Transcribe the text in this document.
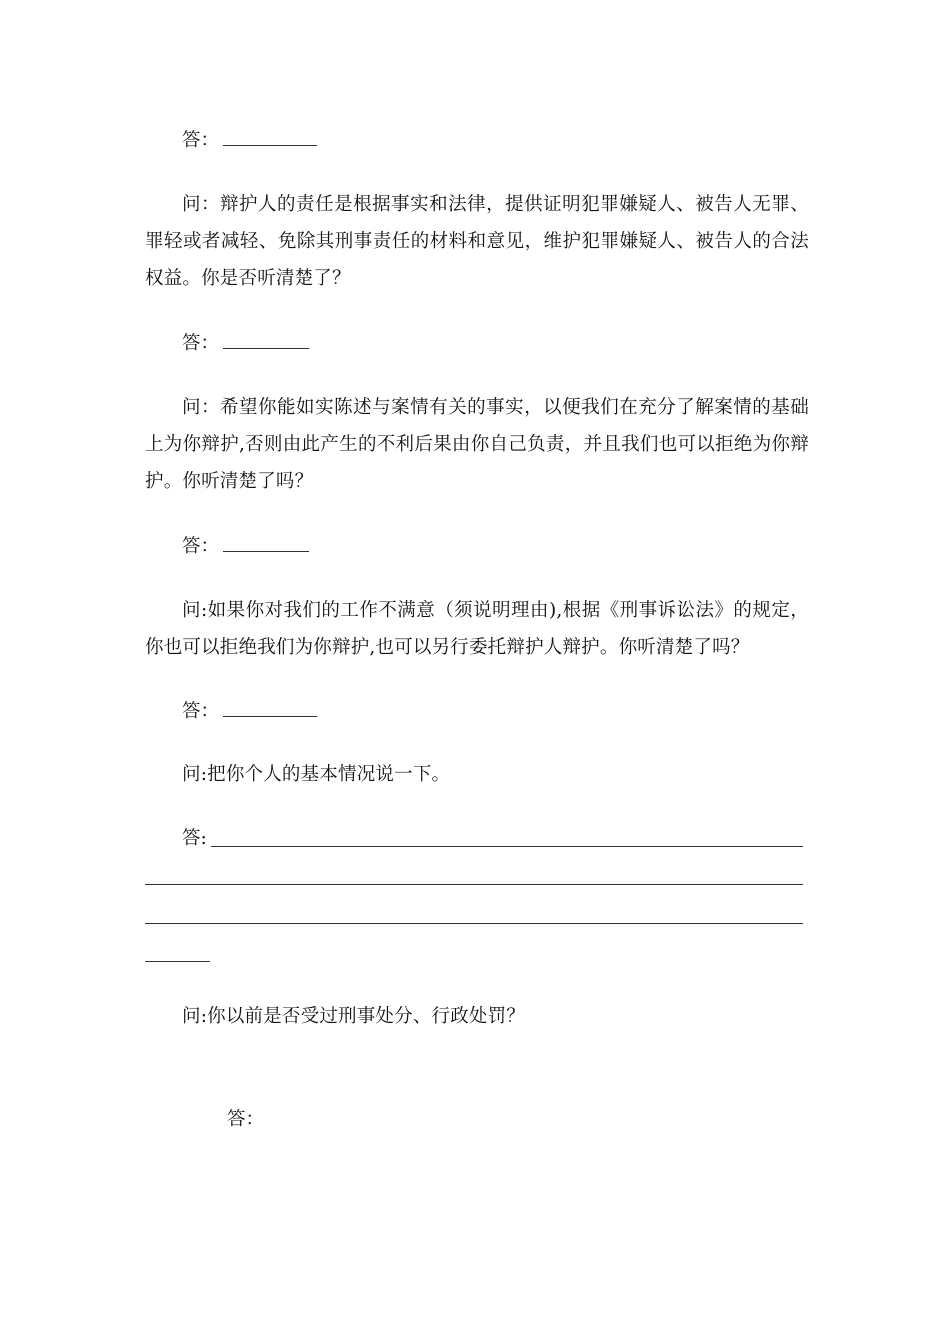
答：

问：辩护人的责任是根据事实和法律，提供证明犯罪嫌疑人、被告人无罪、罪轻或者减轻、免除其刑事责任的材料和意见，维护犯罪嫌疑人、被告人的合法权益。你是否听清楚了？

答：

问：希望你能如实陈述与案情有关的事实，以便我们在充分了解案情的基础上为你辩护,否则由此产生的不利后果由你自己负责，并且我们也可以拒绝为你辩护。你听清楚了吗？

答：

问:如果你对我们的工作不满意（须说明理由),根据《刑事诉讼法》的规定，你也可以拒绝我们为你辩护,也可以另行委托辩护人辩护。你听清楚了吗？

答：

问:把你个人的基本情况说一下。

答:

问:你以前是否受过刑事处分、行政处罚？

答：
